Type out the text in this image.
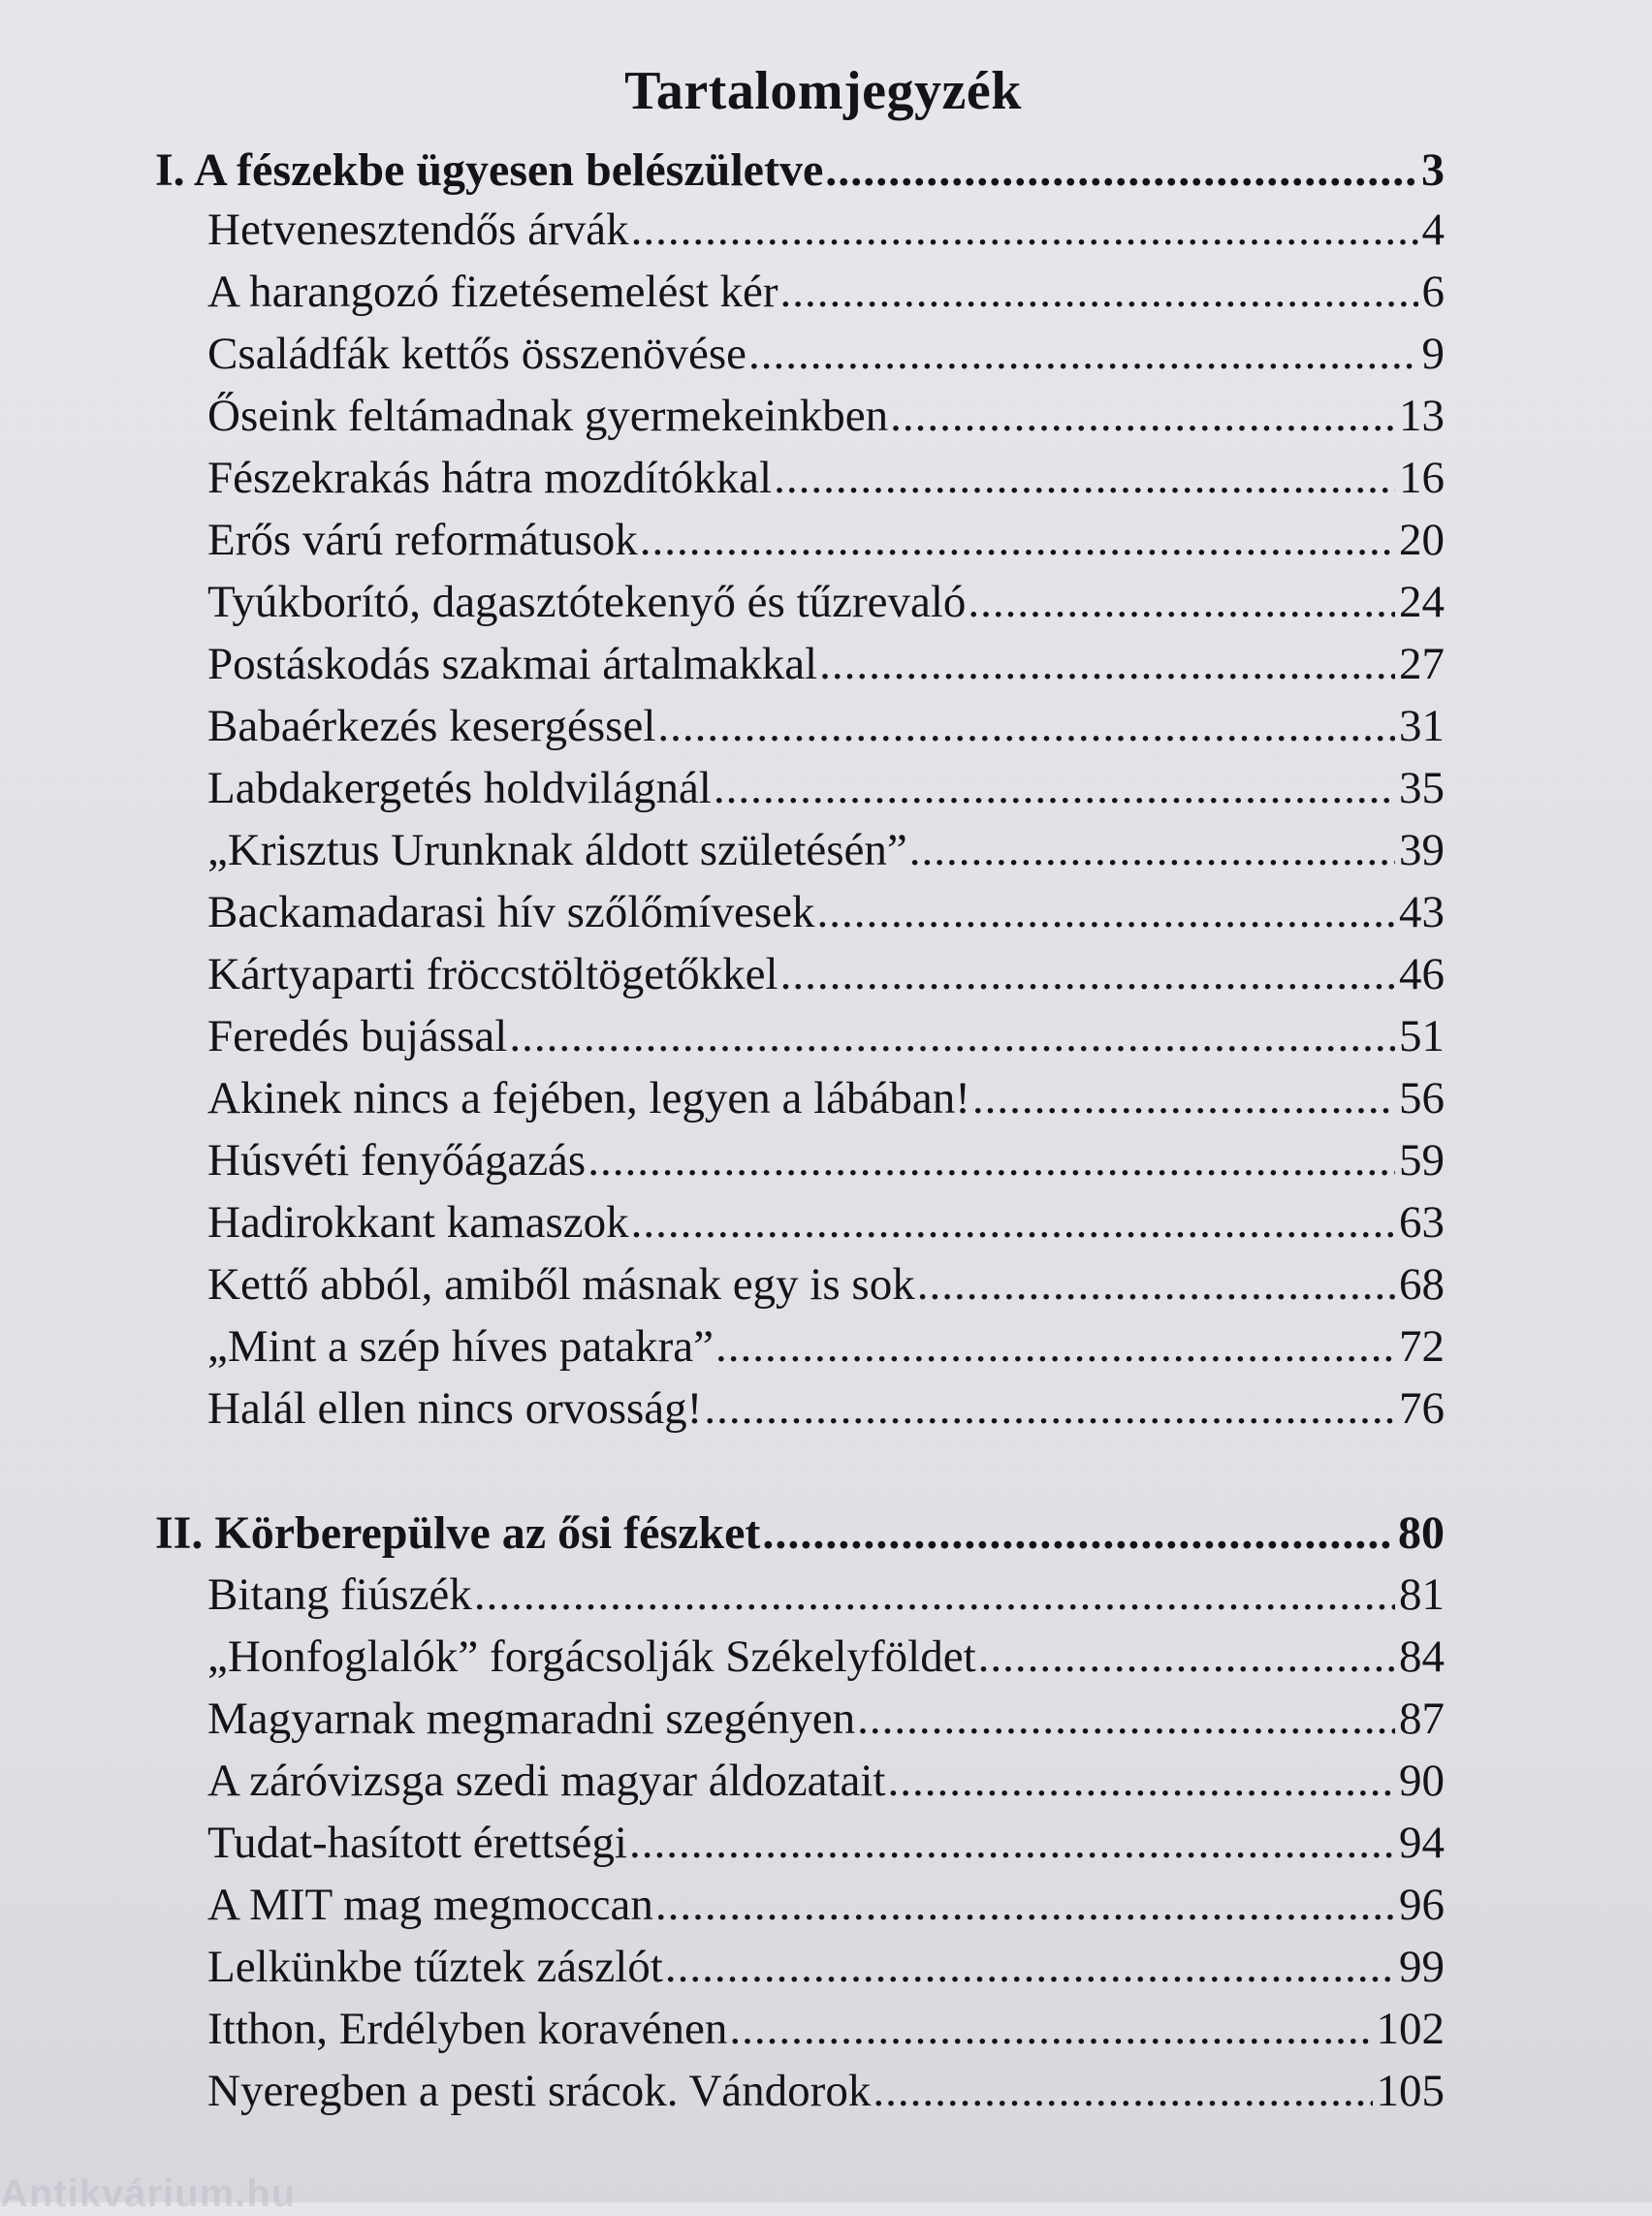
Tartalomjegyzék
I. A fészekbe ügyesen belészületve .....	3
Hetvenesztendős árvák .....	4
A harangozó fizetésemelést kér .....	6
Családfák kettős összenövése .....	9
Őseink feltámadnak gyermekeinkben .....	13
Fészekrakás hátra mozdítókkal .....	16
Erős várú reformátusok .....	20
Tyúkborító, dagasztótekenyő és tűzrevaló .....	24
Postáskodás szakmai ártalmakkal .....	27
Babaérkezés kesergéssel .....	31
Labdakergetés holdvilágnál .....	35
„Krisztus Urunknak áldott születésén” .....	39
Backamadarasi hív szőlőmívesek .....	43
Kártyaparti fröccstöltögetőkkel .....	46
Feredés bujással .....	51
Akinek nincs a fejében, legyen a lábában! .....	56
Húsvéti fenyőágazás .....	59
Hadirokkant kamaszok .....	63
Kettő abból, amiből másnak egy is sok .....	68
„Mint a szép híves patakra” .....	72
Halál ellen nincs orvosság! .....	76
II. Körberepülve az ősi fészket .....	80
Bitang fiúszék .....	81
„Honfoglalók” forgácsolják Székelyföldet .....	84
Magyarnak megmaradni szegényen .....	87
A záróvizsga szedi magyar áldozatait .....	90
Tudat-hasított érettségi .....	94
A MIT mag megmoccan .....	96
Lelkünkbe tűztek zászlót .....	99
Itthon, Erdélyben koravénen .....	102
Nyeregben a pesti srácok. Vándorok .....	105
Antikvárium.hu
